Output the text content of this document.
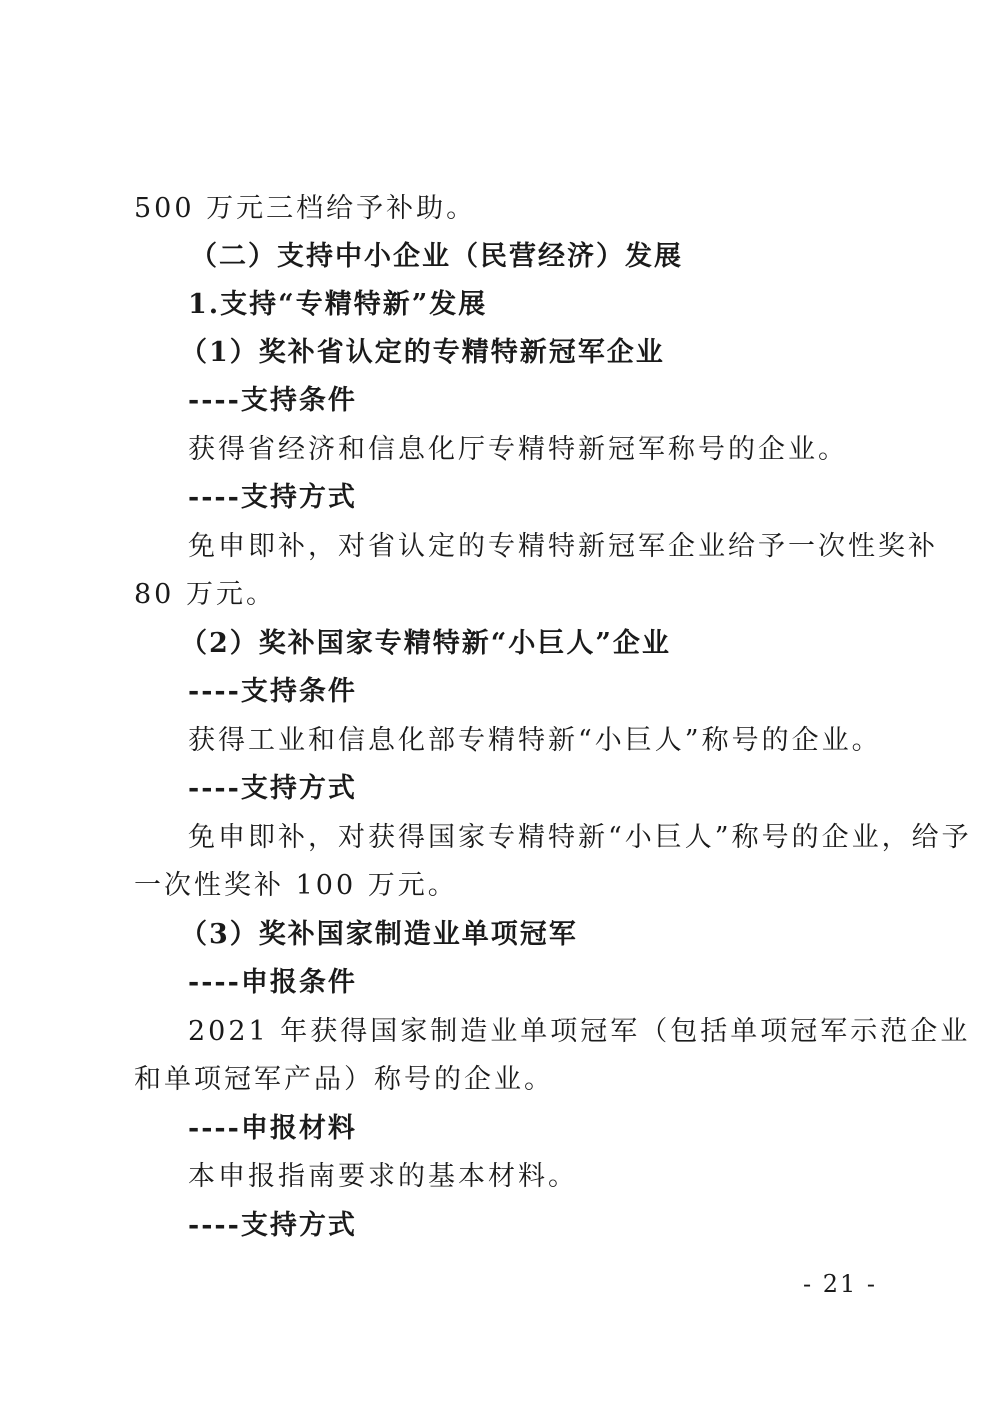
500 万元三档给予补助。
（二）支持中小企业（民营经济）发展
1.支持“专精特新”发展
（1）奖补省认定的专精特新冠军企业
----支持条件
获得省经济和信息化厅专精特新冠军称号的企业。
----支持方式
免申即补，对省认定的专精特新冠军企业给予一次性奖补
80 万元。
（2）奖补国家专精特新“小巨人”企业
----支持条件
获得工业和信息化部专精特新“小巨人”称号的企业。
----支持方式
免申即补，对获得国家专精特新“小巨人”称号的企业，给予
一次性奖补 100 万元。
（3）奖补国家制造业单项冠军
----申报条件
2021 年获得国家制造业单项冠军（包括单项冠军示范企业
和单项冠军产品）称号的企业。
----申报材料
本申报指南要求的基本材料。
----支持方式
- 21 -
